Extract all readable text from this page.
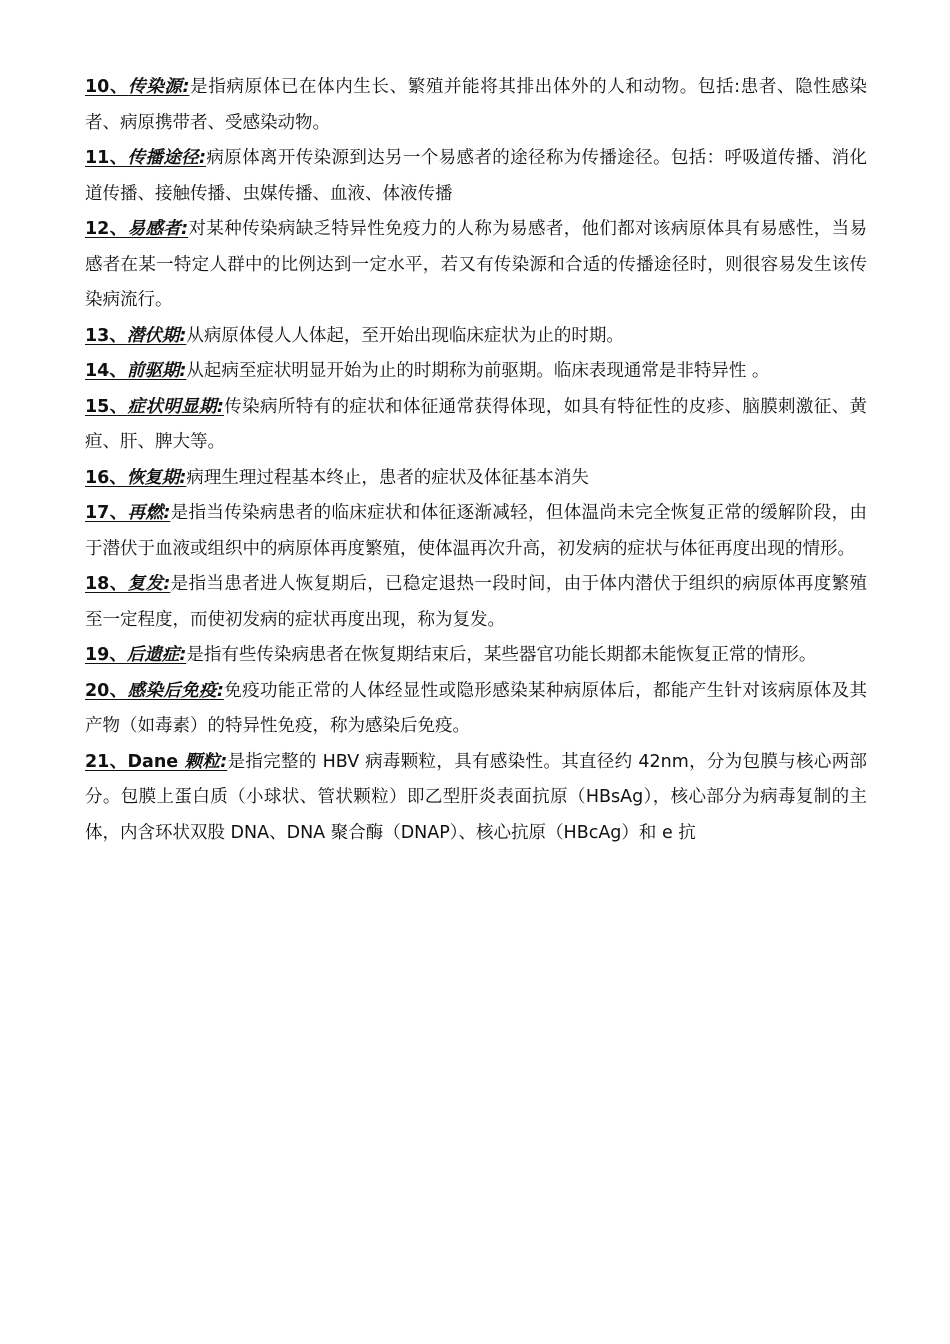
10、传染源:是指病原体已在体内生长、繁殖并能将其排出体外的人和动物。包括:患者、隐性感染者、病原携带者、受感染动物。

11、传播途径:病原体离开传染源到达另一个易感者的途径称为传播途径。包括：呼吸道传播、消化道传播、接触传播、虫媒传播、血液、体液传播

12、易感者:对某种传染病缺乏特异性免疫力的人称为易感者，他们都对该病原体具有易感性，当易感者在某一特定人群中的比例达到一定水平，若又有传染源和合适的传播途径时，则很容易发生该传染病流行。

13、潜伏期:从病原体侵人人体起，至开始出现临床症状为止的时期。

14、前驱期:从起病至症状明显开始为止的时期称为前驱期。临床表现通常是非特异性 。

15、症状明显期:传染病所特有的症状和体征通常获得体现，如具有特征性的皮疹、脑膜刺激征、黄疸、肝、脾大等。

16、恢复期:病理生理过程基本终止，患者的症状及体征基本消失

17、再燃:是指当传染病患者的临床症状和体征逐渐减轻，但体温尚未完全恢复正常的缓解阶段，由于潜伏于血液或组织中的病原体再度繁殖，使体温再次升高，初发病的症状与体征再度出现的情形。

18、复发:是指当患者进人恢复期后，已稳定退热一段时间，由于体内潜伏于组织的病原体再度繁殖至一定程度，而使初发病的症状再度出现，称为复发。

19、后遗症:是指有些传染病患者在恢复期结束后，某些器官功能长期都未能恢复正常的情形。

20、感染后免疫:免疫功能正常的人体经显性或隐形感染某种病原体后，都能产生针对该病原体及其产物（如毒素）的特异性免疫，称为感染后免疫。

21、Dane 颗粒:是指完整的 HBV 病毒颗粒，具有感染性。其直径约 42nm，分为包膜与核心两部分。包膜上蛋白质（小球状、管状颗粒）即乙型肝炎表面抗原（HBsAg），核心部分为病毒复制的主体，内含环状双股 DNA、DNA 聚合酶（DNAP）、核心抗原（HBcAg）和 e 抗
